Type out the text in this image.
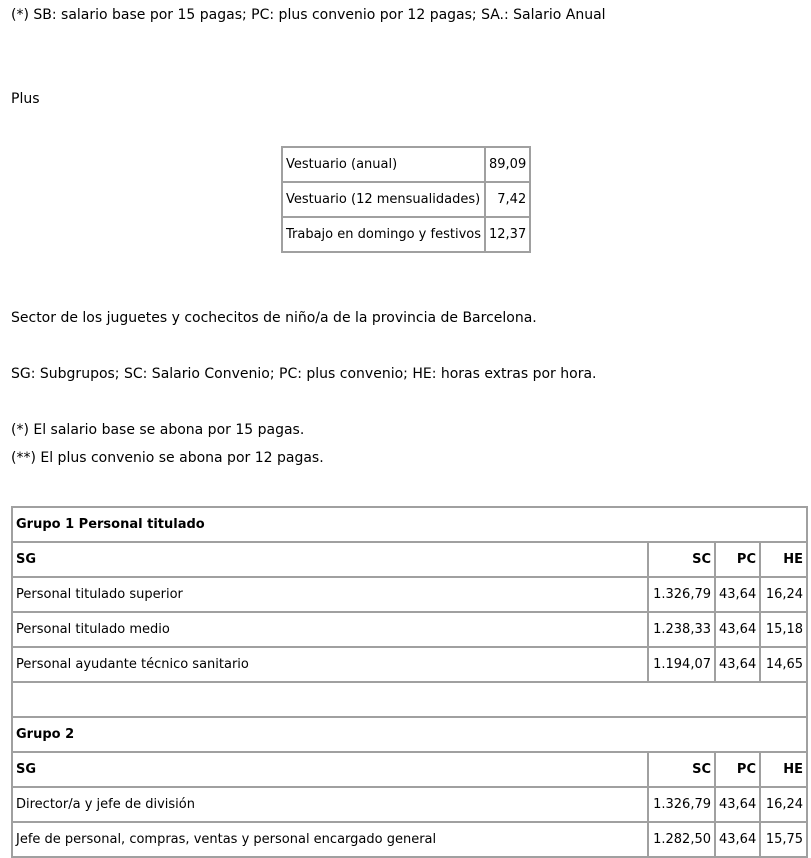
(*) SB: salario base por 15 pagas; PC: plus convenio por 12 pagas; SA.: Salario Anual

Plus

Vestuario (anual)	89,09
Vestuario (12 mensualidades)	7,42
Trabajo en domingo y festivos	12,37

Sector de los juguetes y cochecitos de niño/a de la provincia de Barcelona.

SG: Subgrupos; SC: Salario Convenio; PC: plus convenio; HE: horas extras por hora.

(*) El salario base se abona por 15 pagas.

(**) El plus convenio se abona por 12 pagas.

Grupo 1 Personal titulado			
SG	SC	PC	HE
Personal titulado superior	1.326,79	43,64	16,24
Personal titulado medio	1.238,33	43,64	15,18
Personal ayudante técnico sanitario	1.194,07	43,64	14,65

Grupo 2			
SG	SC	PC	HE
Director/a y jefe de división	1.326,79	43,64	16,24
Jefe de personal, compras, ventas y personal encargado general	1.282,50	43,64	15,75
